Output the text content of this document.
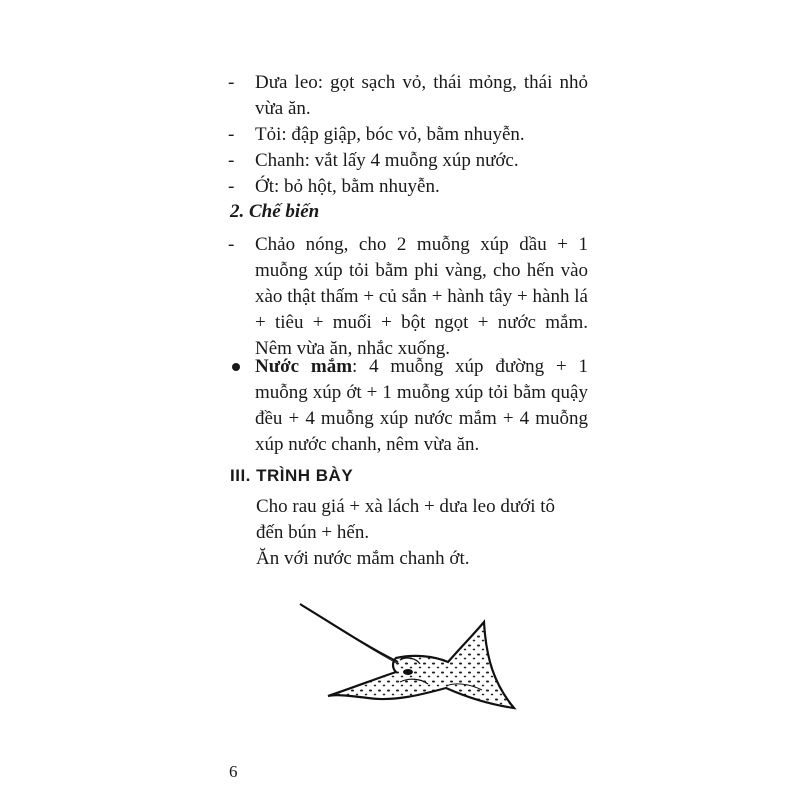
-	Dưa leo: gọt sạch vỏ, thái mỏng, thái nhỏ vừa ăn.
-	Tỏi: đập giập, bóc vỏ, bằm nhuyễn.
-	Chanh: vắt lấy 4 muỗng xúp nước.
-	Ớt: bỏ hột, bằm nhuyễn.
2. Chế biến
-	Chảo nóng, cho 2 muỗng xúp dầu + 1 muỗng xúp tỏi bằm phi vàng, cho hến vào xào thật thấm + củ sắn + hành tây + hành lá + tiêu + muối + bột ngọt + nước mắm. Nêm vừa ăn, nhắc xuống.
Nước mắm: 4 muỗng xúp đường + 1 muỗng xúp ớt + 1 muỗng xúp tỏi bằm quậy đều + 4 muỗng xúp nước mắm + 4 muỗng xúp nước chanh, nêm vừa ăn.
III. TRÌNH BÀY
Cho rau giá + xà lách + dưa leo dưới tô đến bún + hến.
Ăn với nước mắm chanh ớt.
6
